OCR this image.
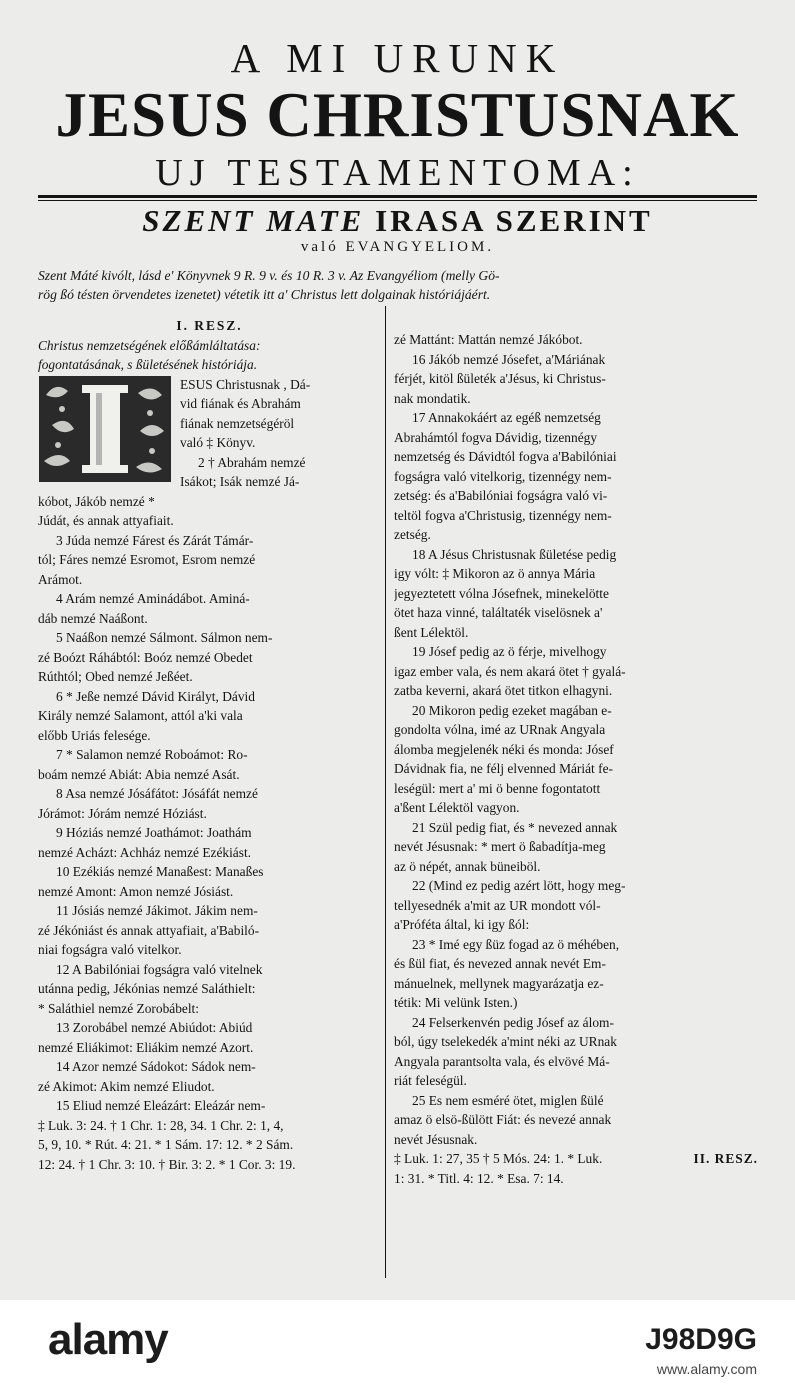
A MI URUNK
JESUS CHRISTUSNAK
UJ TESTAMENTOMA:
SZENT MATE IRASA SZERINT
való EVANGYELIOM.
Szent Máté kivólt, lásd e' Könyvnek 9 R. 9 v. és 10 R. 3 v. Az Evangyéliom (melly Gö-
rög ßó tésten örvendetes izenetet) vétetik itt a' Christus lett dolgainak históriájáért.
I. RESZ.
Christus nemzetségének előßámláltatása:
fogontatásának, s ßületésének históriája.
ESUS Christusnak , Dá-
vid fiának és Abrahám
fiának nemzetségéröl
való ‡ Könyv.
2 † Abrahám nemzé
Isákot; Isák nemzé Já-
kóbot, Jákób nemzé *
Júdát, és annak attyafiait.
3 Júda nemzé Fárest és Zárát Támár-
tól; Fáres nemzé Esromot, Esrom nemzé
Arámot.
4 Arám nemzé Aminádábot. Aminá-
dáb nemzé Naáßont.
5 Naáßon nemzé Sálmont. Sálmon nem-
zé Boózt Ráhábtól: Boóz nemzé Obedet
Rúthtól; Obed nemzé Jeßéet.
6 * Jeße nemzé Dávid Királyt, Dávid
Király nemzé Salamont, attól a'ki vala
előbb Uriás felesége.
7 * Salamon nemzé Roboámot: Ro-
boám nemzé Abiát: Abia nemzé Asát.
8 Asa nemzé Jósáfátot: Jósáfát nemzé
Jórámot: Jórám nemzé Hóziást.
9 Hóziás nemzé Joathámot: Joathám
nemzé Acházt: Achház nemzé Ezékiást.
10 Ezékiás nemzé Manaßest: Manaßes
nemzé Amont: Amon nemzé Jósiást.
11 Jósiás nemzé Jákimot. Jákim nem-
zé Jékóniást és annak attyafiait, a'Babiló-
niai fogságra való vitelkor.
12 A Babilóniai fogságra való vitelnek
utánna pedig, Jékónias nemzé Saláthielt:
* Saláthiel nemzé Zorobábelt:
13 Zorobábel nemzé Abiúdot: Abiúd
nemzé Eliákimot: Eliákim nemzé Azort.
14 Azor nemzé Sádokot: Sádok nem-
zé Akimot: Akim nemzé Eliudot.
15 Eliud nemzé Eleázárt: Eleázár nem-
‡ Luk. 3: 24. † 1 Chr. 1: 28, 34. 1 Chr. 2: 1, 4,
5, 9, 10. * Rút. 4: 21. * 1 Sám. 17: 12. * 2 Sám.
12: 24. † 1 Chr. 3: 10. † Bir. 3: 2. * 1 Cor. 3: 19.
zé Mattánt: Mattán nemzé Jákóbot.
16 Jákób nemzé Jósefet, a'Máriának
férjét, kitöl ßületék a'Jésus, ki Christus-
nak mondatik.
17 Annakokáért az egéß nemzetség
Abrahámtól fogva Dávidig, tizennégy
nemzetség és Dávidtól fogva a'Babilóniai
fogságra való vitelkorig, tizennégy nem-
zetség: és a'Babilóniai fogságra való vi-
teltöl fogva a'Christusig, tizennégy nem-
zetség.
18 A Jésus Christusnak ßületése pedig
igy vólt: ‡ Mikoron az ö annya Mária
jegyeztetett vólna Jósefnek, minekelötte
ötet haza vinné, találtaték viselösnek a'
ßent Lélektöl.
19 Jósef pedig az ö férje, mivelhogy
igaz ember vala, és nem akará ötet † gyalá-
zatba keverni, akará ötet titkon elhagyni.
20 Mikoron pedig ezeket magában e-
gondolta vólna, imé az URnak Angyala
álomba megjelenék néki és monda: Jósef
Dávidnak fia, ne félj elvenned Máriát fe-
leségül: mert a' mi ö benne fogontatott
a'ßent Lélektöl vagyon.
21 Szül pedig fiat, és * nevezed annak
nevét Jésusnak: * mert ö ßabadítja-meg
az ö népét, annak büneiböl.
22 (Mind ez pedig azért lött, hogy meg-
tellyesednék a'mit az UR mondott vól-
a'Próféta által, ki igy ßól:
23 * Imé egy ßüz fogad az ö méhében,
és ßül fiat, és nevezed annak nevét Em-
mánuelnek, mellynek magyarázatja ez-
tétik: Mi velünk Isten.)
24 Felserkenvén pedig Jósef az álom-
ból, úgy tselekedék a'mint néki az URnak
Angyala parantsolta vala, és elvövé Má-
riát feleségül.
25 Es nem esméré ötet, miglen ßülé
amaz ö elsö-ßülött Fiát: és nevezé annak
nevét Jésusnak.
‡ Luk. 1: 27, 35 † 5 Mós. 24: 1. * Luk.
1: 31. * Titl. 4: 12. * Esa. 7: 14.
II. RESZ.
alamy	J98D9G
www.alamy.com
